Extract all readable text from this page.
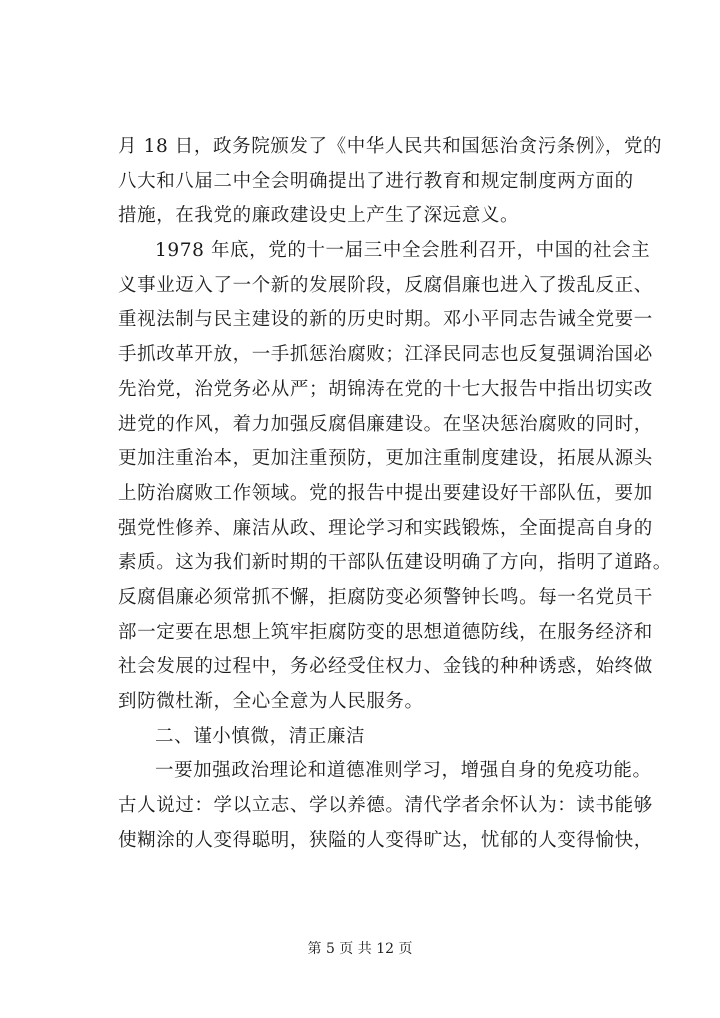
月 18 日，政务院颁发了《中华人民共和国惩治贪污条例》，党的
八大和八届二中全会明确提出了进行教育和规定制度两方面的
措施，在我党的廉政建设史上产生了深远意义。
1978 年底，党的十一届三中全会胜利召开，中国的社会主
义事业迈入了一个新的发展阶段，反腐倡廉也进入了拨乱反正、
重视法制与民主建设的新的历史时期。邓小平同志告诫全党要一
手抓改革开放，一手抓惩治腐败；江泽民同志也反复强调治国必
先治党，治党务必从严；胡锦涛在党的十七大报告中指出切实改
进党的作风，着力加强反腐倡廉建设。在坚决惩治腐败的同时，
更加注重治本，更加注重预防，更加注重制度建设，拓展从源头
上防治腐败工作领域。党的报告中提出要建设好干部队伍，要加
强党性修养、廉洁从政、理论学习和实践锻炼，全面提高自身的
素质。这为我们新时期的干部队伍建设明确了方向，指明了道路。
反腐倡廉必须常抓不懈，拒腐防变必须警钟长鸣。每一名党员干
部一定要在思想上筑牢拒腐防变的思想道德防线，在服务经济和
社会发展的过程中，务必经受住权力、金钱的种种诱惑，始终做
到防微杜渐，全心全意为人民服务。
二、谨小慎微，清正廉洁
一要加强政治理论和道德准则学习，增强自身的免疫功能。
古人说过：学以立志、学以养德。清代学者余怀认为：读书能够
使糊涂的人变得聪明，狭隘的人变得旷达，忧郁的人变得愉快，
第 5 页 共 12 页
